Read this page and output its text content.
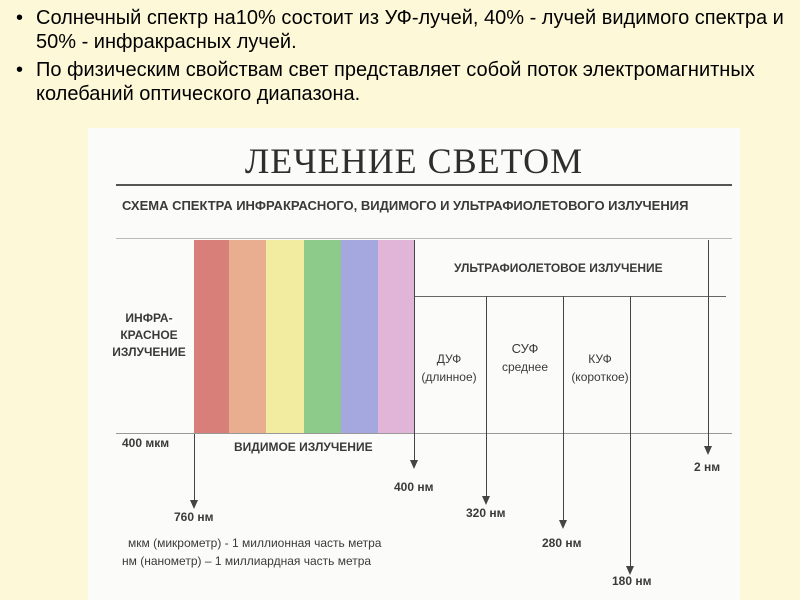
• Солнечный спектр на10% состоит из УФ-лучей, 40% - лучей видимого спектра и 50% - инфракрасных лучей.
• По физическим свойствам свет представляет собой поток электромагнитных колебаний оптического диапазона.
ЛЕЧЕНИЕ СВЕТОМ
СХЕМА СПЕКТРА ИНФРАКРАСНОГО, ВИДИМОГО И УЛЬТРАФИОЛЕТОВОГО ИЗЛУЧЕНИЯ
ИНФРА-
КРАСНОЕ
ИЗЛУЧЕНИЕ
УЛЬТРАФИОЛЕТОВОЕ ИЗЛУЧЕНИЕ
ДУФ
(длинное)
СУФ
среднее
КУФ
(короткое)
400 мкм	ВИДИМОЕ ИЗЛУЧЕНИЕ
760 нм
400 нм
320 нм
280 нм
180 нм
2 нм
мкм (микрометр) - 1 миллионная часть метра
нм (нанометр) – 1 миллиардная часть метра
